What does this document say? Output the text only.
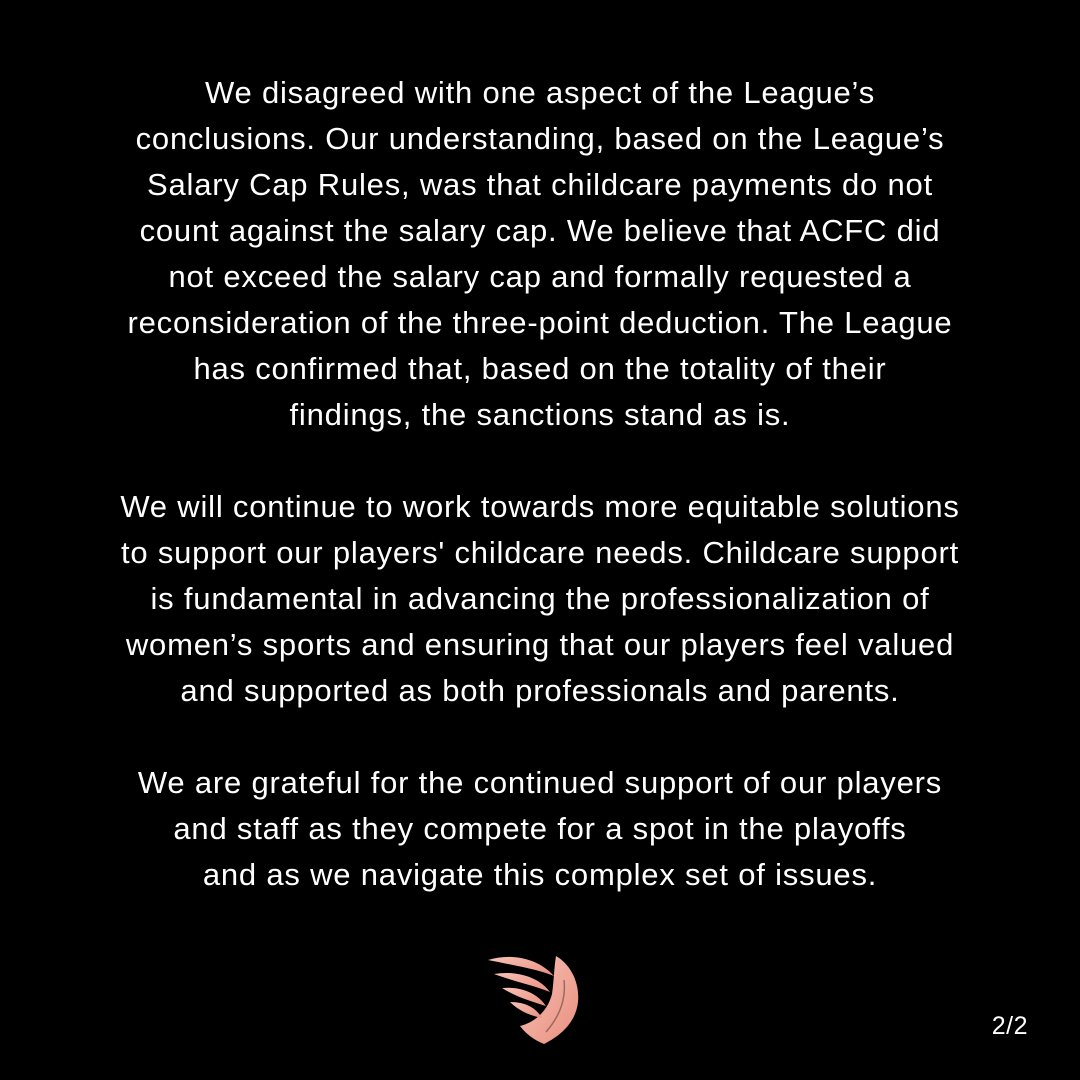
We disagreed with one aspect of the League’s
conclusions. Our understanding, based on the League’s
Salary Cap Rules, was that childcare payments do not
count against the salary cap. We believe that ACFC did
not exceed the salary cap and formally requested a
reconsideration of the three-point deduction. The League
has confirmed that, based on the totality of their
findings, the sanctions stand as is.
We will continue to work towards more equitable solutions
to support our players' childcare needs. Childcare support
is fundamental in advancing the professionalization of
women’s sports and ensuring that our players feel valued
and supported as both professionals and parents.
We are grateful for the continued support of our players
and staff as they compete for a spot in the playoffs
and as we navigate this complex set of issues.
2/2
